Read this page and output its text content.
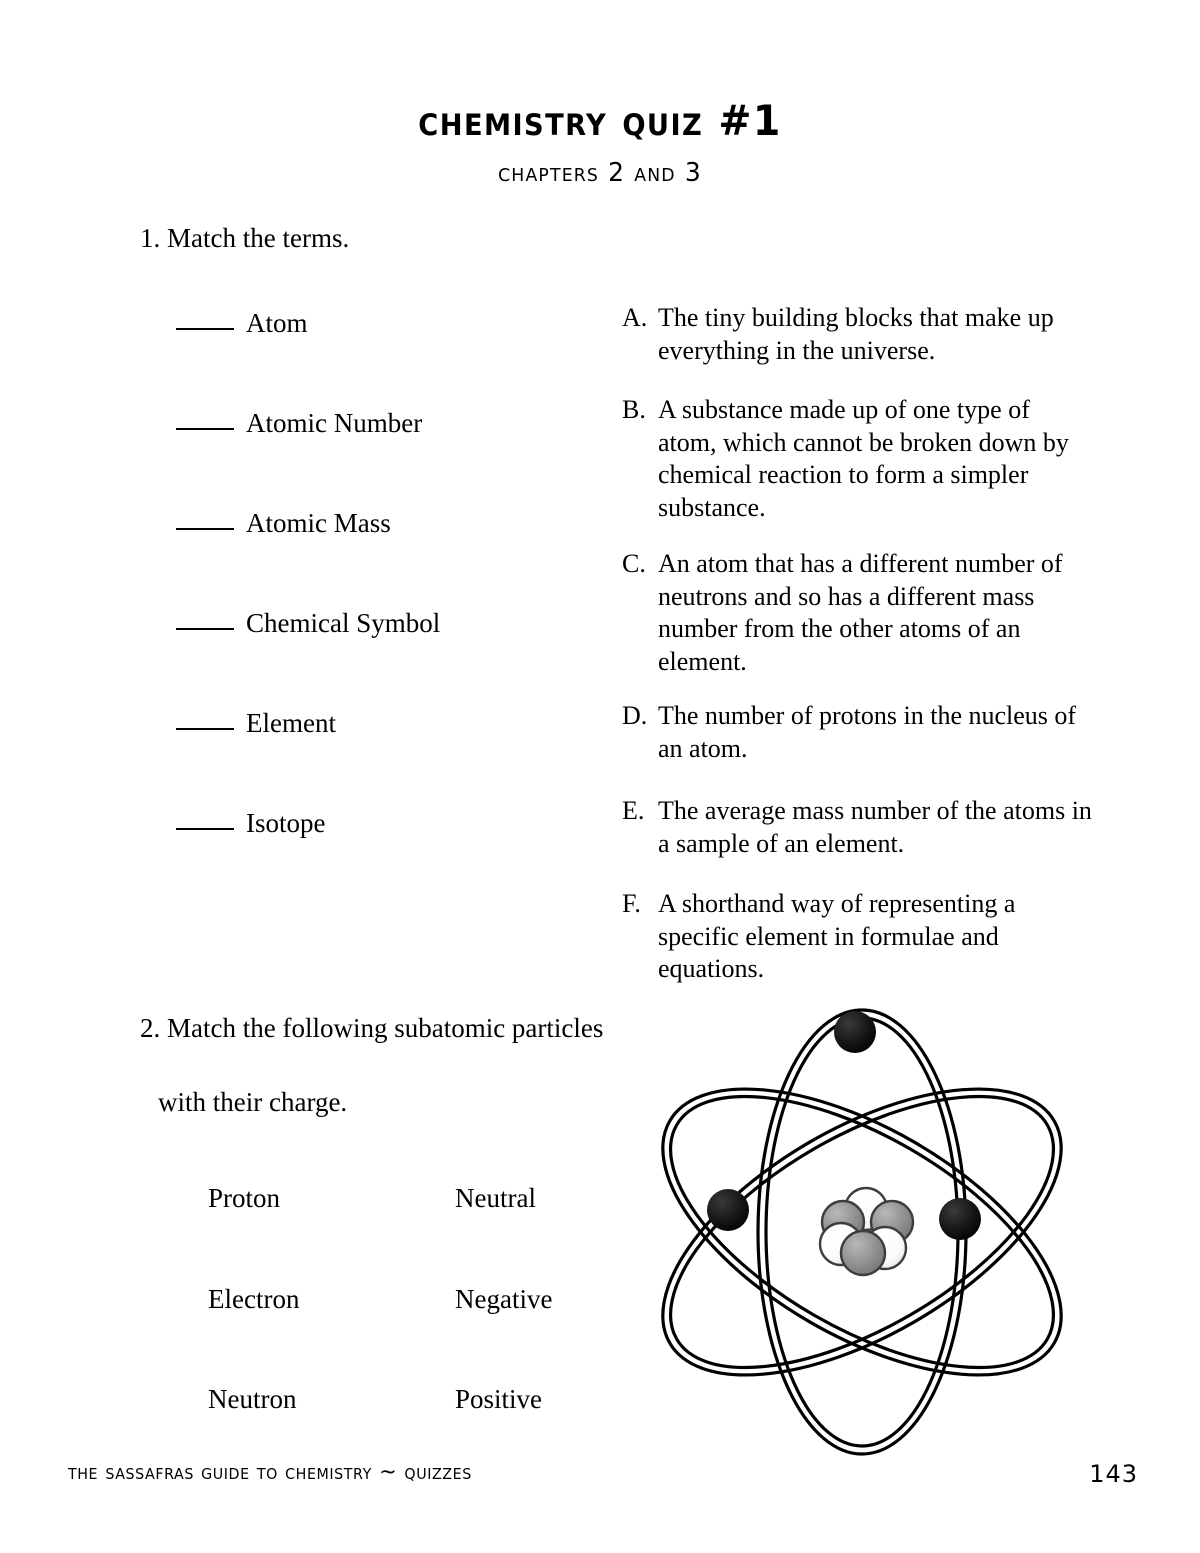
chemistry quiz #1
chapters 2 and 3
1. Match the terms.
Atom
Atomic Number
Atomic Mass
Chemical Symbol
Element
Isotope
A. The tiny building blocks that make up everything in the universe.
B. A substance made up of one type of atom, which cannot be broken down by chemical reaction to form a simpler substance.
C. An atom that has a different number of neutrons and so has a different mass number from the other atoms of an element.
D. The number of protons in the nucleus of an atom.
E. The average mass number of the atoms in a sample of an element.
F. A shorthand way of representing a specific element in formulae and equations.
2. Match the following subatomic particles
with their charge.
Proton
Electron
Neutron
Neutral
Negative
Positive
the sassafras guide to chemistry ~ quizzes	143
